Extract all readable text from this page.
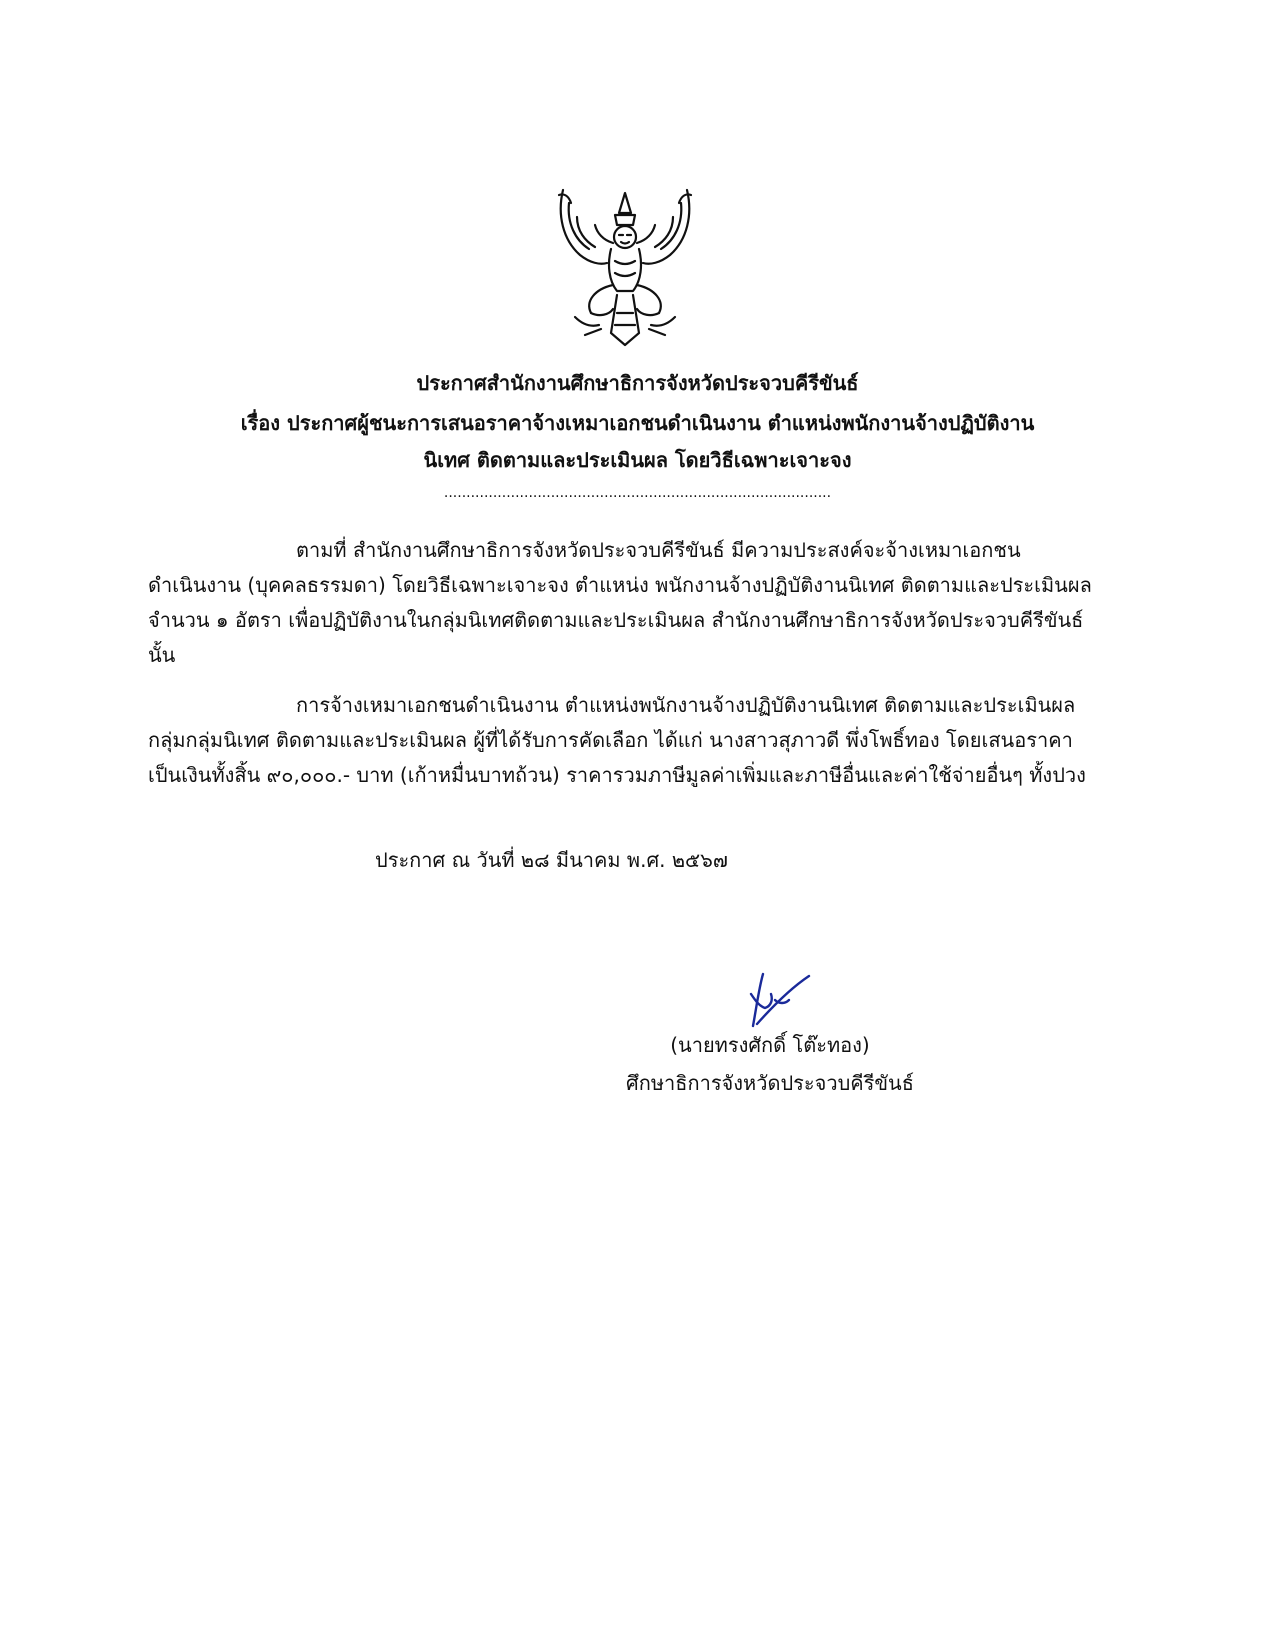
ประกาศสำนักงานศึกษาธิการจังหวัดประจวบคีรีขันธ์
เรื่อง ประกาศผู้ชนะการเสนอราคาจ้างเหมาเอกชนดำเนินงาน ตำแหน่งพนักงานจ้างปฏิบัติงาน
นิเทศ ติดตามและประเมินผล โดยวิธีเฉพาะเจาะจง
.......................................................................................
ตามที่ สำนักงานศึกษาธิการจังหวัดประจวบคีรีขันธ์ มีความประสงค์จะจ้างเหมาเอกชน
ดำเนินงาน (บุคคลธรรมดา) โดยวิธีเฉพาะเจาะจง ตำแหน่ง พนักงานจ้างปฏิบัติงานนิเทศ ติดตามและประเมินผล
จำนวน ๑ อัตรา เพื่อปฏิบัติงานในกลุ่มนิเทศติดตามและประเมินผล สำนักงานศึกษาธิการจังหวัดประจวบคีรีขันธ์
นั้น
การจ้างเหมาเอกชนดำเนินงาน ตำแหน่งพนักงานจ้างปฏิบัติงานนิเทศ ติดตามและประเมินผล
กลุ่มกลุ่มนิเทศ ติดตามและประเมินผล ผู้ที่ได้รับการคัดเลือก ได้แก่ นางสาวสุภาวดี พึ่งโพธิ์ทอง โดยเสนอราคา
เป็นเงินทั้งสิ้น ๙๐,๐๐๐.- บาท (เก้าหมื่นบาทถ้วน) ราคารวมภาษีมูลค่าเพิ่มและภาษีอื่นและค่าใช้จ่ายอื่นๆ ทั้งปวง
ประกาศ ณ วันที่ ๒๘ มีนาคม พ.ศ. ๒๕๖๗
(นายทรงศักดิ์ โต๊ะทอง)
ศึกษาธิการจังหวัดประจวบคีรีขันธ์
